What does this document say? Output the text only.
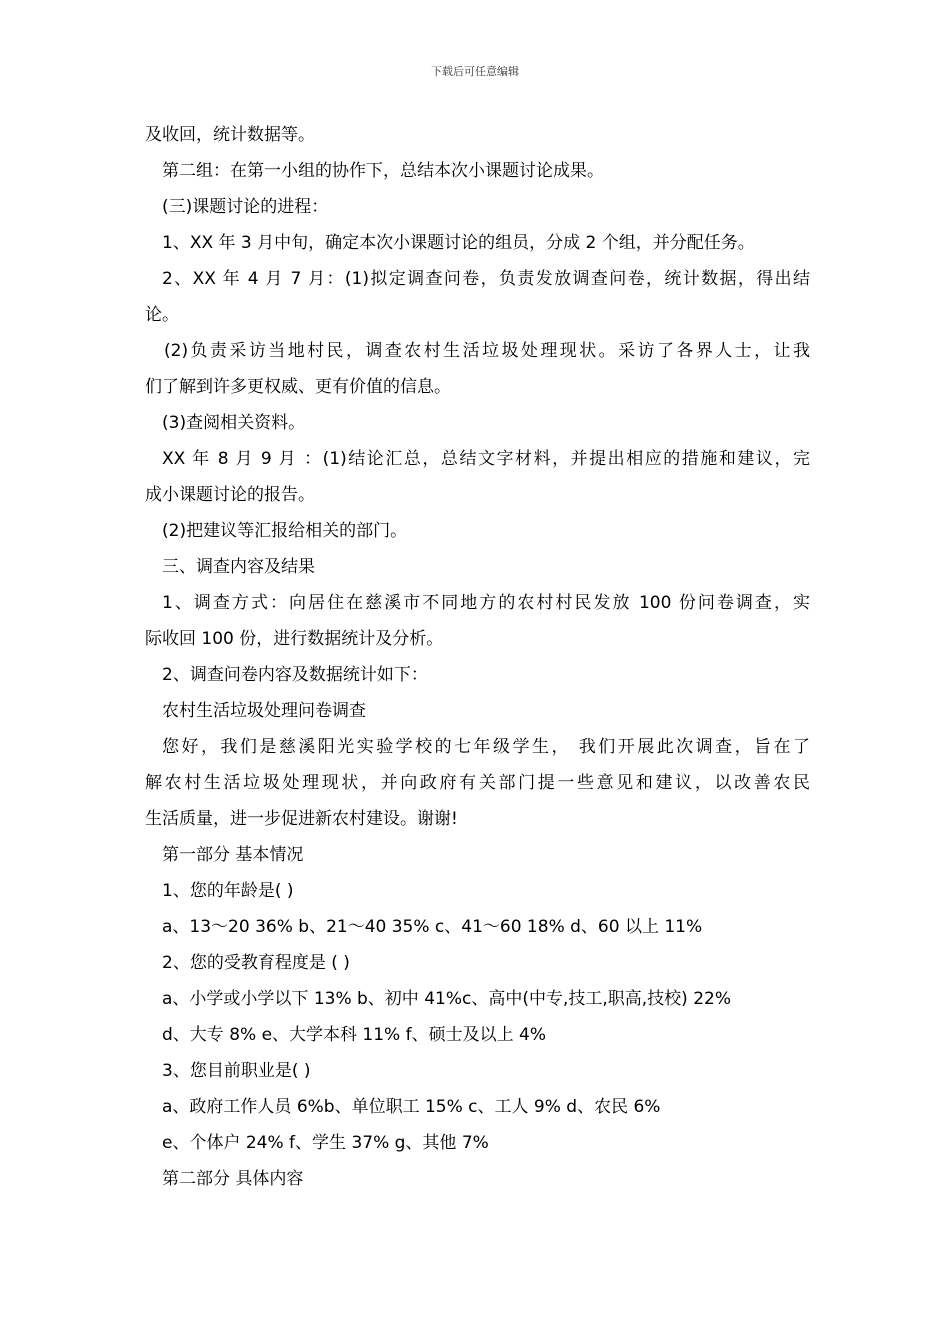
下载后可任意编辑
及收回，统计数据等。
第二组：在第一小组的协作下，总结本次小课题讨论成果。
(三)课题讨论的进程：
1、XX 年 3 月中旬，确定本次小课题讨论的组员，分成 2 个组，并分配任务。
2、XX 年 4 月 7 月：(1)拟定调查问卷，负责发放调查问卷，统计数据，得出结
论。
(2)负责采访当地村民，调查农村生活垃圾处理现状。采访了各界人士，让我
们了解到许多更权威、更有价值的信息。
(3)查阅相关资料。
XX 年 8 月 9 月 ：(1)结论汇总，总结文字材料，并提出相应的措施和建议，完
成小课题讨论的报告。
(2)把建议等汇报给相关的部门。
三、调查内容及结果
1、调查方式：向居住在慈溪市不同地方的农村村民发放 100 份问卷调查，实
际收回 100 份，进行数据统计及分析。
2、调查问卷内容及数据统计如下：
农村生活垃圾处理问卷调查
您好，我们是慈溪阳光实验学校的七年级学生， 我们开展此次调查，旨在了
解农村生活垃圾处理现状，并向政府有关部门提一些意见和建议，以改善农民
生活质量，进一步促进新农村建设。谢谢!
第一部分 基本情况
1、您的年龄是( )
a、13～20 36% b、21～40 35% c、41～60 18% d、60 以上 11%
2、您的受教育程度是 ( )
a、小学或小学以下 13% b、初中 41%c、高中(中专,技工,职高,技校) 22%
d、大专 8% e、大学本科 11% f、硕士及以上 4%
3、您目前职业是( )
a、政府工作人员 6%b、单位职工 15% c、工人 9% d、农民 6%
e、个体户 24% f、学生 37% g、其他 7%
第二部分 具体内容
